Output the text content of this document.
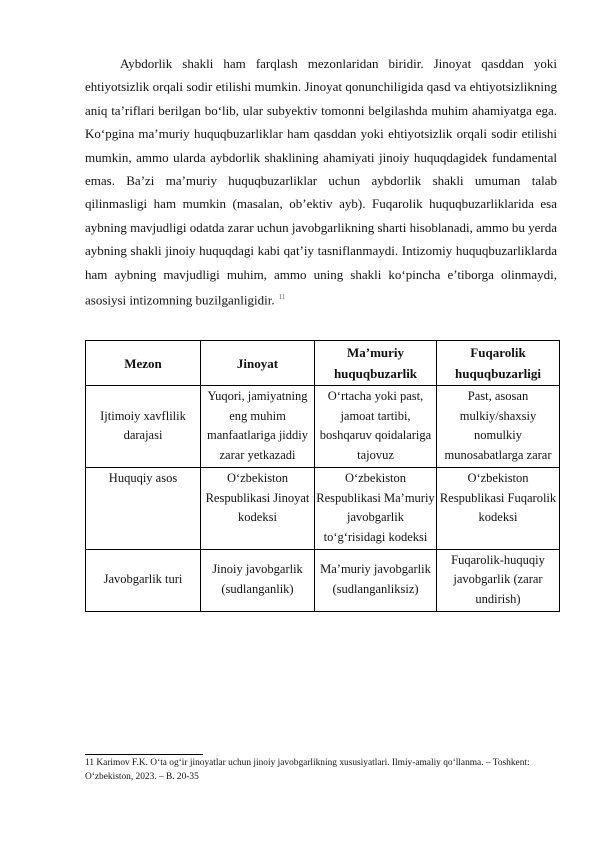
Aybdorlik shakli ham farqlash mezonlaridan biridir. Jinoyat qasddan yoki ehtiyotsizlik orqali sodir etilishi mumkin. Jinoyat qonunchiligida qasd va ehtiyotsizlikning aniq ta’riflari berilgan bo‘lib, ular subyektiv tomonni belgilashda muhim ahamiyatga ega. Ko‘pgina ma’muriy huquqbuzarliklar ham qasddan yoki ehtiyotsizlik orqali sodir etilishi mumkin, ammo ularda aybdorlik shaklining ahamiyati jinoiy huquqdagidek fundamental emas. Ba’zi ma’muriy huquqbuzarliklar uchun aybdorlik shakli umuman talab qilinmasligi ham mumkin (masalan, ob’ektiv ayb). Fuqarolik huquqbuzarliklarida esa aybning mavjudligi odatda zarar uchun javobgarlikning sharti hisoblanadi, ammo bu yerda aybning shakli jinoiy huquqdagi kabi qat’iy tasniflanmaydi. Intizomiy huquqbuzarliklarda ham aybning mavjudligi muhim, ammo uning shakli ko‘pincha e’tiborga olinmaydi, asosiysi intizomning buzilganligidir. $^{11}$

Mezon	Jinoyat	Ma’muriy huquqbuzarlik	Fuqarolik huquqbuzarligi
Ijtimoiy xavflilik darajasi	Yuqori, jamiyatning eng muhim manfaatlariga jiddiy zarar yetkazadi	O‘rtacha yoki past, jamoat tartibi, boshqaruv qoidalariga tajovuz	Past, asosan mulkiy/shaxsiy nomulkiy munosabatlarga zarar
Huquqiy asos	O‘zbekiston Respublikasi Jinoyat kodeksi	O‘zbekiston Respublikasi Ma’muriy javobgarlik to‘g‘risidagi kodeksi	O‘zbekiston Respublikasi Fuqarolik kodeksi
Javobgarlik turi	Jinoiy javobgarlik (sudlanganlik)	Ma’muriy javobgarlik (sudlanganliksiz)	Fuqarolik-huquqiy javobgarlik (zarar undirish)

11 Karimov F.K. O‘ta og‘ir jinoyatlar uchun jinoiy javobgarlikning xususiyatlari. Ilmiy-amaliy qo‘llanma. – Toshkent: O‘zbekiston, 2023. – B. 20-35
